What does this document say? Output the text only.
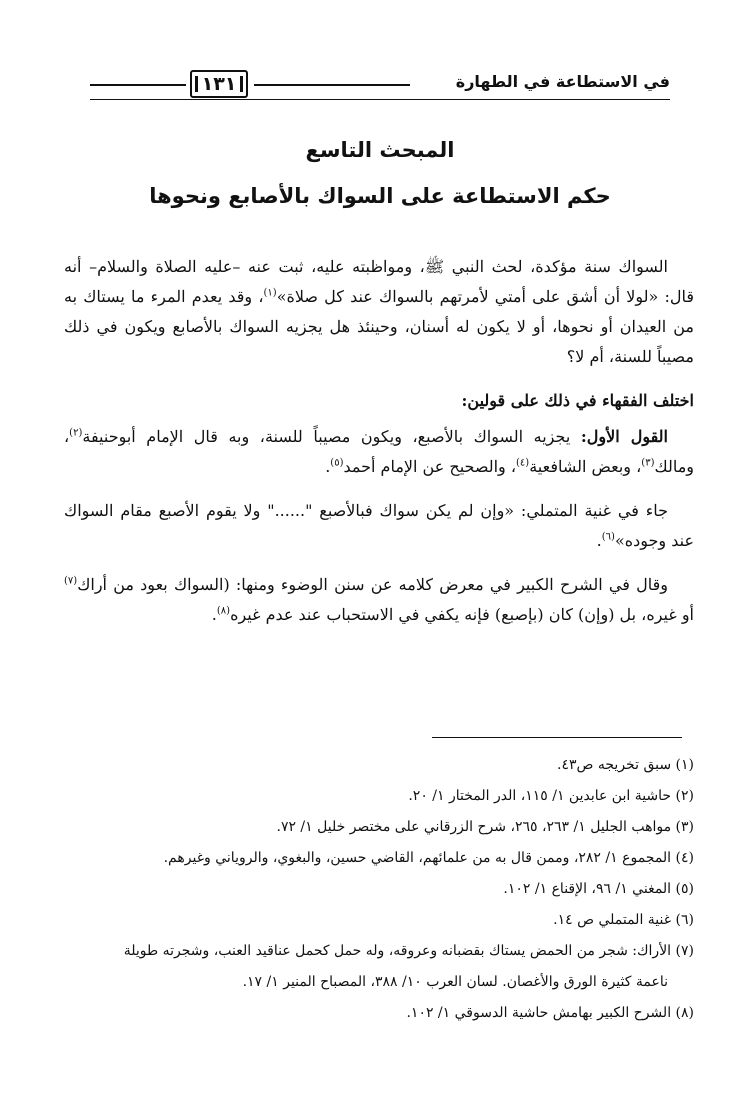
١٣١	في الاستطاعة في الطهارة
المبحث التاسع
حكم الاستطاعة على السواك بالأصابع ونحوها

السواك سنة مؤكدة، لحث النبي ﷺ، ومواظبته عليه، ثبت عنه –عليه الصلاة والسلام– أنه قال: «لولا أن أشق على أمتي لأمرتهم بالسواك عند كل صلاة»$^{(١)}$، وقد يعدم المرء ما يستاك به من العيدان أو نحوها، أو لا يكون له أسنان، وحينئذ هل يجزيه السواك بالأصابع ويكون في ذلك مصيباً للسنة، أم لا؟

اختلف الفقهاء في ذلك على قولين:

القول الأول: يجزيه السواك بالأصبع، ويكون مصيباً للسنة، وبه قال الإمام أبوحنيفة$^{(٢)}$، ومالك$^{(٣)}$، وبعض الشافعية$^{(٤)}$، والصحيح عن الإمام أحمد$^{(٥)}$.

جاء في غنية المتملي: «وإن لم يكن سواك فبالأصبع "......" ولا يقوم الأصبع مقام السواك عند وجوده»$^{(٦)}$.

وقال في الشرح الكبير في معرض كلامه عن سنن الوضوء ومنها: (السواك بعود من أراك$^{(٧)}$ أو غيره، بل (وإن) كان (بإصبع) فإنه يكفي في الاستحباب عند عدم غيره$^{(٨)}$.

(١) سبق تخريجه ص٤٣.

(٢) حاشية ابن عابدين ١/ ١١٥، الدر المختار ١/ ٢٠.

(٣) مواهب الجليل ١/ ٢٦٣، ٢٦٥، شرح الزرقاني على مختصر خليل ١/ ٧٢.

(٤) المجموع ١/ ٢٨٢، وممن قال به من علمائهم، القاضي حسين، والبغوي، والروياني وغيرهم.

(٥) المغني ١/ ٩٦، الإقناع ١/ ١٠٢.

(٦) غنية المتملي ص ١٤.

(٧) الأراك: شجر من الحمض يستاك بقضبانه وعروقه، وله حمل كحمل عناقيد العنب، وشجرته طويلة
ناعمة كثيرة الورق والأغصان. لسان العرب ١٠/ ٣٨٨، المصباح المنير ١/ ١٧.

(٨) الشرح الكبير بهامش حاشية الدسوقي ١/ ١٠٢.
